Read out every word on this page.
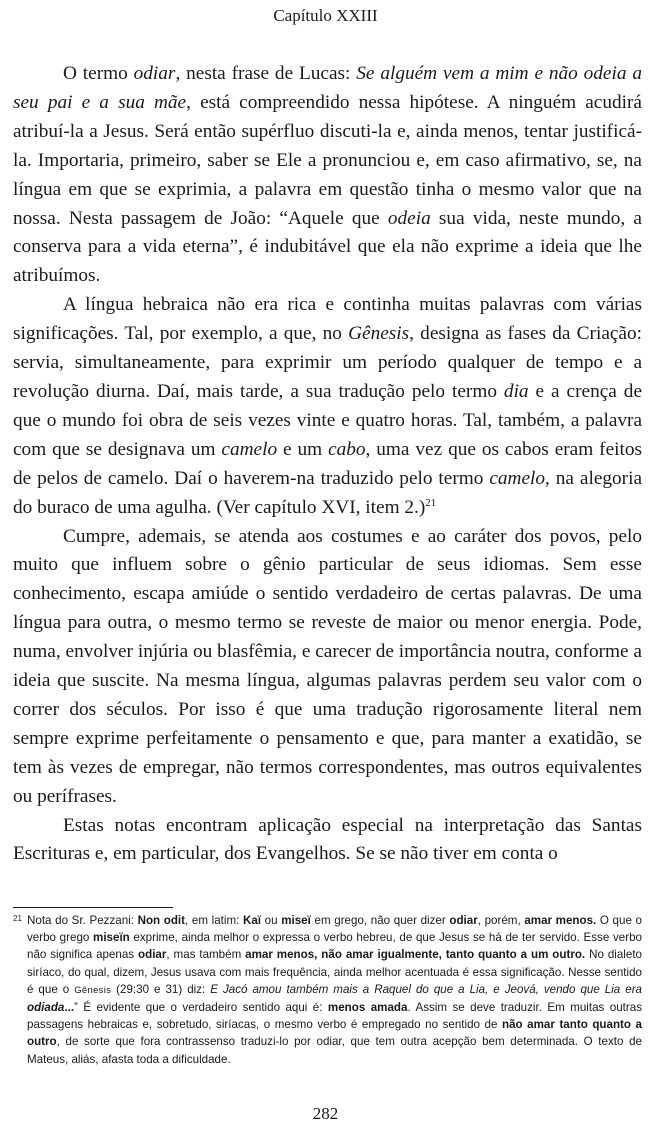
Capítulo XXIII

O termo odiar, nesta frase de Lucas: Se alguém vem a mim e não odeia a seu pai e a sua mãe, está compreendido nessa hipótese. A ninguém acudirá atribuí-la a Jesus. Será então supérfluo discuti-la e, ainda menos, tentar justificá-la. Importaria, primeiro, saber se Ele a pronunciou e, em caso afirmativo, se, na língua em que se exprimia, a palavra em questão tinha o mesmo valor que na nossa. Nesta passagem de João: “Aquele que odeia sua vida, neste mundo, a conserva para a vida eterna”, é indubitável que ela não exprime a ideia que lhe atribuímos.

A língua hebraica não era rica e continha muitas palavras com várias significações. Tal, por exemplo, a que, no Gênesis, designa as fases da Criação: servia, simultaneamente, para exprimir um período qualquer de tempo e a revolução diurna. Daí, mais tarde, a sua tradução pelo termo dia e a crença de que o mundo foi obra de seis vezes vinte e quatro horas. Tal, também, a palavra com que se designava um camelo e um cabo, uma vez que os cabos eram feitos de pelos de camelo. Daí o haverem-na traduzido pelo termo camelo, na alegoria do buraco de uma agulha. (Ver capítulo XVI, item 2.)$^{21}$

Cumpre, ademais, se atenda aos costumes e ao caráter dos povos, pelo muito que influem sobre o gênio particular de seus idiomas. Sem esse conhecimento, escapa amiúde o sentido verdadeiro de certas palavras. De uma língua para outra, o mesmo termo se reveste de maior ou menor energia. Pode, numa, envolver injúria ou blasfêmia, e carecer de importância noutra, conforme a ideia que suscite. Na mesma língua, algumas palavras perdem seu valor com o correr dos séculos. Por isso é que uma tradução rigorosamente literal nem sempre exprime perfeitamente o pensamento e que, para manter a exatidão, se tem às vezes de empregar, não termos correspondentes, mas outros equivalentes ou perífrases.

Estas notas encontram aplicação especial na interpretação das Santas Escrituras e, em particular, dos Evangelhos. Se se não tiver em conta o

21 Nota do Sr. Pezzani: Non odit, em latim: Kaï ou miseï em grego, não quer dizer odiar, porém, amar menos. O que o verbo grego miseïn exprime, ainda melhor o expressa o verbo hebreu, de que Jesus se há de ter servido. Esse verbo não significa apenas odiar, mas também amar menos, não amar igualmente, tanto quanto a um outro. No dialeto siríaco, do qual, dizem, Jesus usava com mais frequência, ainda melhor acentuada é essa significação. Nesse sentido é que o Gênesis (29:30 e 31) diz: E Jacó amou também mais a Raquel do que a Lia, e Jeová, vendo que Lia era odiada...” É evidente que o verdadeiro sentido aqui é: menos amada. Assim se deve traduzir. Em muitas outras passagens hebraicas e, sobretudo, siríacas, o mesmo verbo é empregado no sentido de não amar tanto quanto a outro, de sorte que fora contrassenso traduzi-lo por odiar, que tem outra acepção bem determinada. O texto de Mateus, aliás, afasta toda a dificuldade.
282
